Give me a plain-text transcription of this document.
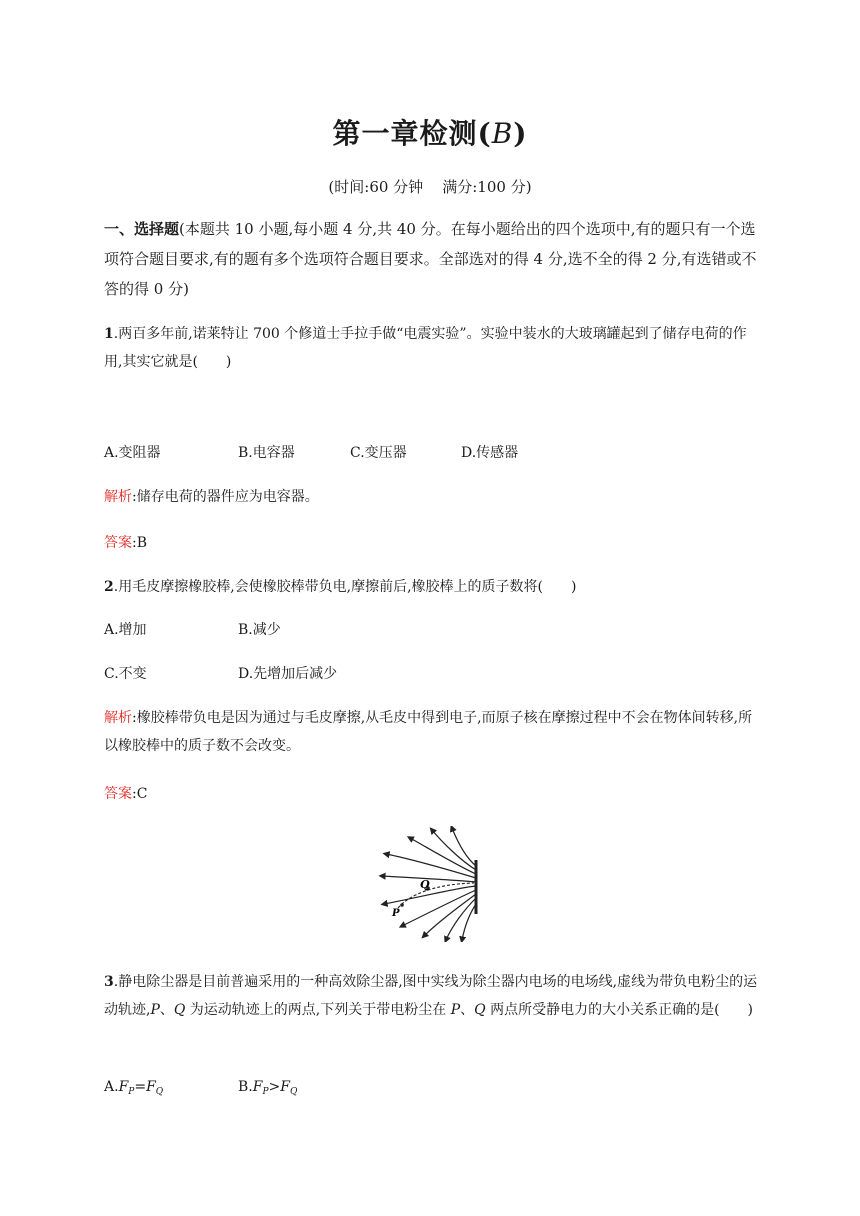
第一章检测(B)
(时间:60 分钟    满分:100 分)
一、选择题(本题共 10 小题,每小题 4 分,共 40 分。在每小题给出的四个选项中,有的题只有一个选项符合题目要求,有的题有多个选项符合题目要求。全部选对的得 4 分,选不全的得 2 分,有选错或不答的得 0 分)
1.两百多年前,诺莱特让 700 个修道士手拉手做“电震实验”。实验中装水的大玻璃罐起到了储存电荷的作用,其实它就是(　　)
A.变阻器	B.电容器	C.变压器	D.传感器
解析:储存电荷的器件应为电容器。
答案:B
2.用毛皮摩擦橡胶棒,会使橡胶棒带负电,摩擦前后,橡胶棒上的质子数将(　　)
A.增加	B.减少
C.不变	D.先增加后减少
解析:橡胶棒带负电是因为通过与毛皮摩擦,从毛皮中得到电子,而原子核在摩擦过程中不会在物体间转移,所以橡胶棒中的质子数不会改变。
答案:C
Q
P
3.静电除尘器是目前普遍采用的一种高效除尘器,图中实线为除尘器内电场的电场线,虚线为带负电粉尘的运动轨迹,P、Q 为运动轨迹上的两点,下列关于带电粉尘在 P、Q 两点所受静电力的大小关系正确的是(　　)
$A.F_P=F_Q$	$B.F_P>F_Q$
